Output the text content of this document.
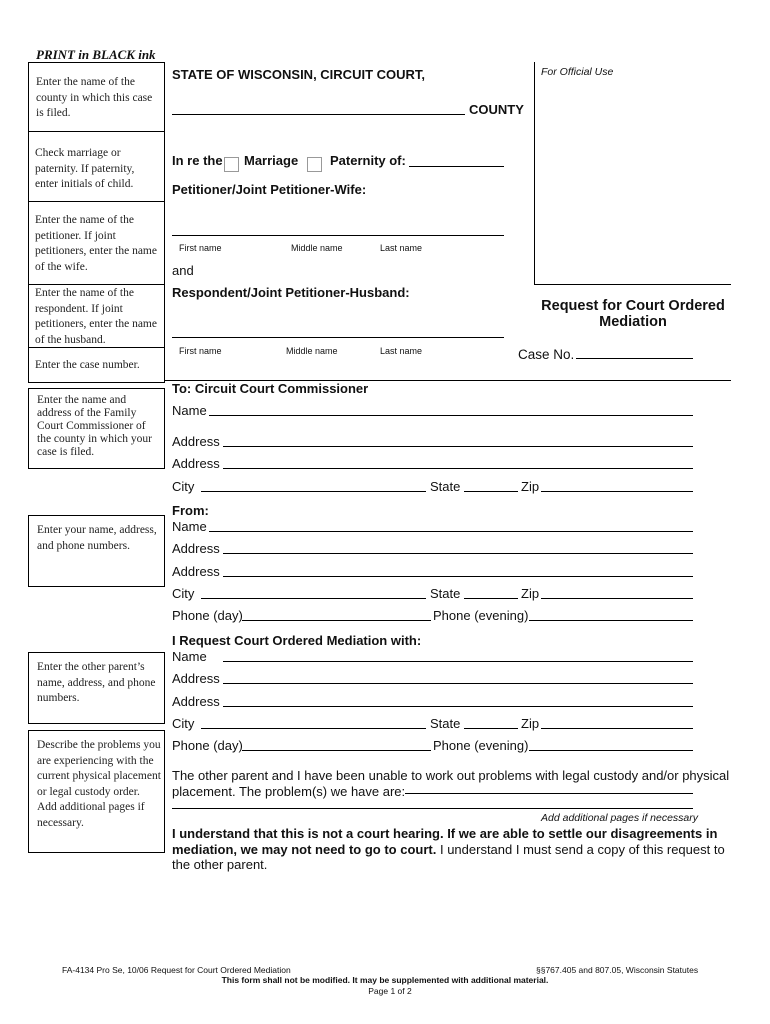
PRINT in BLACK ink
For Official Use
Enter the name of the county in which this case is filed.
Check marriage or paternity. If paternity, enter initials of child.
Enter the name of the petitioner. If joint petitioners, enter the name of the wife.
Enter the name of the respondent. If joint petitioners, enter the name of the husband.
Enter the case number.
STATE OF WISCONSIN, CIRCUIT COURT,
COUNTY
In re the Marriage Paternity of:
Petitioner/Joint Petitioner-Wife:
First name	Middle name	Last name
and
Respondent/Joint Petitioner-Husband:
First name	Middle name	Last name
Request for Court Ordered
Mediation
Case No.
Enter the name and address of the Family Court Commissioner of the county in which your case is filed.
Enter your name, address, and phone numbers.
Enter the other parent’s name, address, and phone numbers.
Describe the problems you are experiencing with the current physical placement or legal custody order. Add additional pages if necessary.
To: Circuit Court Commissioner
Name
Address
Address
City	State	Zip
From:
Name
Address
Address
City	State	Zip
Phone (day)	Phone (evening)
I Request Court Ordered Mediation with:
Name
Address
Address
City	State	Zip
Phone (day)	Phone (evening)
The other parent and I have been unable to work out problems with legal custody and/or physical
placement. The problem(s) we have are:
Add additional pages if necessary
I understand that this is not a court hearing. If we are able to settle our disagreements in
mediation, we may not need to go to court. I understand I must send a copy of this request to
the other parent.
FA-4134 Pro Se, 10/06 Request for Court Ordered Mediation	§§767.405 and 807.05, Wisconsin Statutes
This form shall not be modified. It may be supplemented with additional material.
Page 1 of 2
